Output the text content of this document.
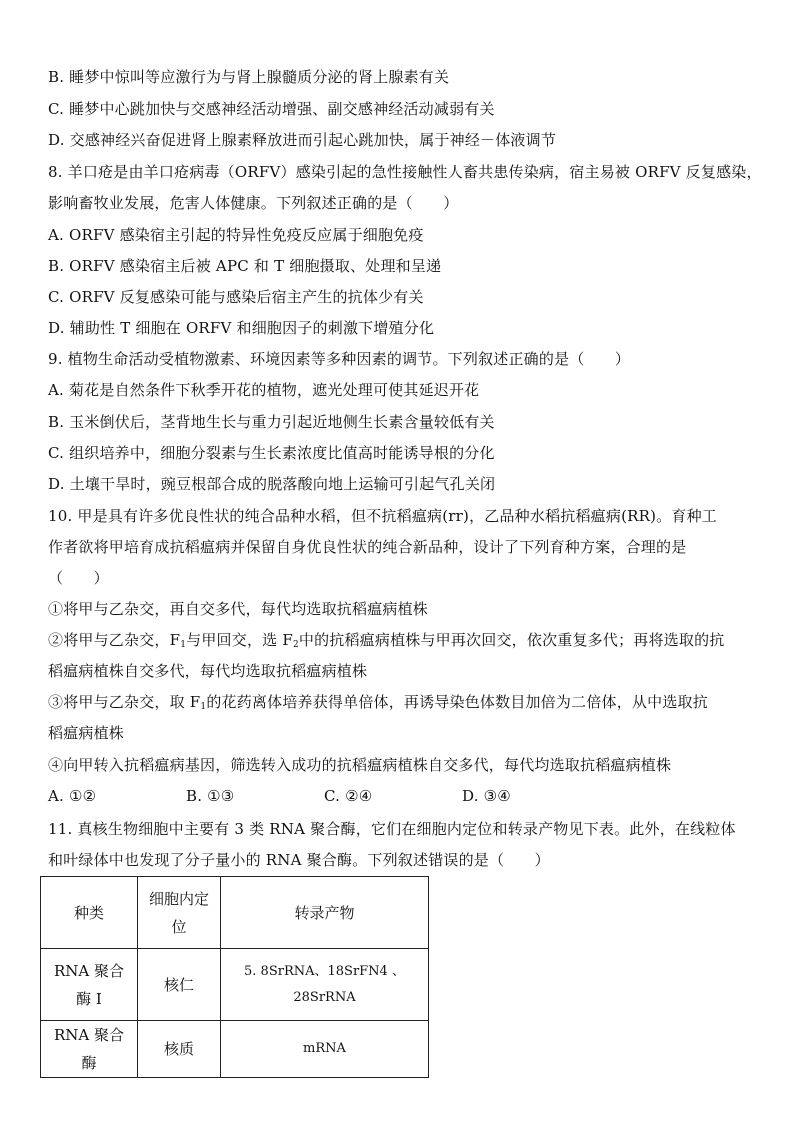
B. 睡梦中惊叫等应激行为与肾上腺髓质分泌的肾上腺素有关
C. 睡梦中心跳加快与交感神经活动增强、副交感神经活动减弱有关
D. 交感神经兴奋促进肾上腺素释放进而引起心跳加快，属于神经－体液调节
8. 羊口疮是由羊口疮病毒（ORFV）感染引起的急性接触性人畜共患传染病，宿主易被 ORFV 反复感染，
影响畜牧业发展，危害人体健康。下列叙述正确的是（　　）
A. ORFV 感染宿主引起的特异性免疫反应属于细胞免疫
B. ORFV 感染宿主后被 APC 和 T 细胞摄取、处理和呈递
C. ORFV 反复感染可能与感染后宿主产生的抗体少有关
D. 辅助性 T 细胞在 ORFV 和细胞因子的刺激下增殖分化
9. 植物生命活动受植物激素、环境因素等多种因素的调节。下列叙述正确的是（　　）
A. 菊花是自然条件下秋季开花的植物，遮光处理可使其延迟开花
B. 玉米倒伏后，茎背地生长与重力引起近地侧生长素含量较低有关
C. 组织培养中，细胞分裂素与生长素浓度比值高时能诱导根的分化
D. 土壤干旱时，豌豆根部合成的脱落酸向地上运输可引起气孔关闭
10. 甲是具有许多优良性状的纯合品种水稻，但不抗稻瘟病(rr)，乙品种水稻抗稻瘟病(RR)。育种工
作者欲将甲培育成抗稻瘟病并保留自身优良性状的纯合新品种，设计了下列育种方案，合理的是
（　　）
①将甲与乙杂交，再自交多代，每代均选取抗稻瘟病植株
②将甲与乙杂交，$F_1$与甲回交，选 $F_2$中的抗稻瘟病植株与甲再次回交，依次重复多代；再将选取的抗
稻瘟病植株自交多代，每代均选取抗稻瘟病植株
③将甲与乙杂交，取 $F_1$的花药离体培养获得单倍体，再诱导染色体数目加倍为二倍体，从中选取抗
稻瘟病植株
④向甲转入抗稻瘟病基因，筛选转入成功的抗稻瘟病植株自交多代，每代均选取抗稻瘟病植株
A. ①②	B. ①③	C. ②④	D. ③④
11. 真核生物细胞中主要有 3 类 RNA 聚合酶，它们在细胞内定位和转录产物见下表。此外，在线粒体
和叶绿体中也发现了分子量小的 RNA 聚合酶。下列叙述错误的是（　　）
种类	细胞内定位	转录产物
RNA 聚合酶 I	核仁	5. 8SrRNA、18SrFN4 、28SrRNA
RNA 聚合酶	核质	mRNA
